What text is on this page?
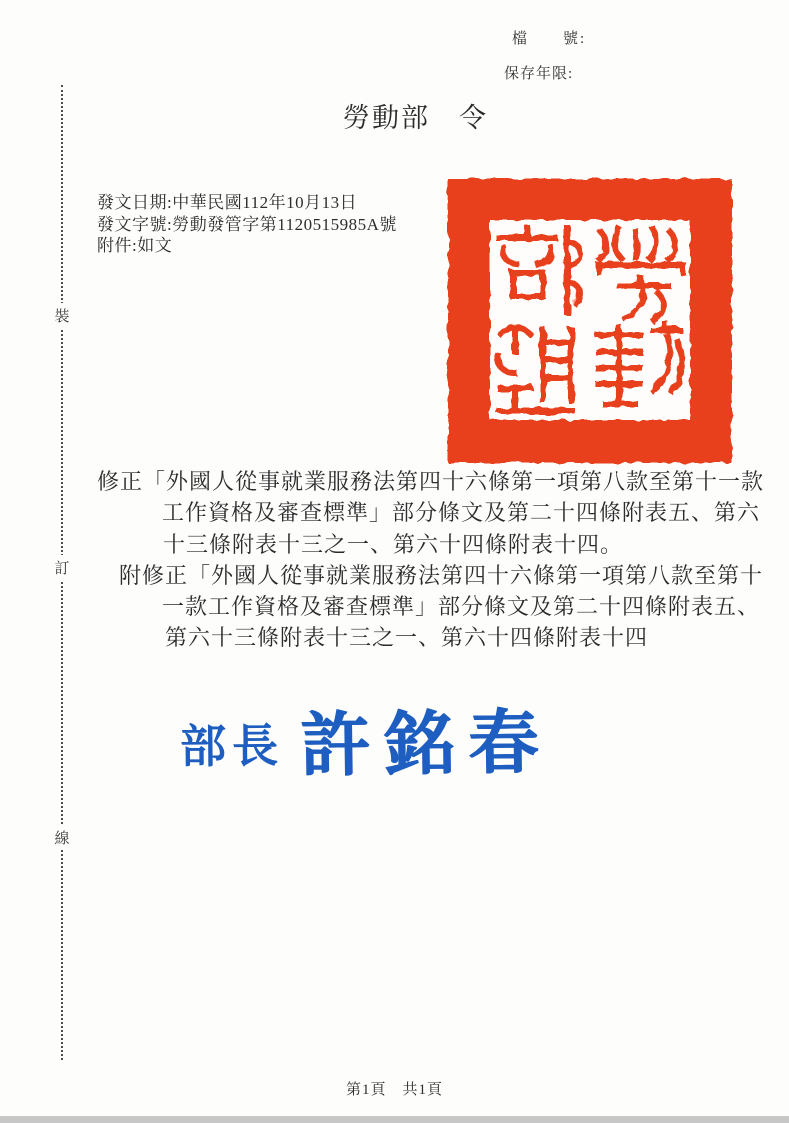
檔　　號:
保存年限:
勞動部　令
裝
訂
線
發文日期:中華民國112年10月13日
發文字號:勞動發管字第1120515985A號
附件:如文
修正「外國人從事就業服務法第四十六條第一項第八款至第十一款
工作資格及審查標準」部分條文及第二十四條附表五、第六
十三條附表十三之一、第六十四條附表十四。
附修正「外國人從事就業服務法第四十六條第一項第八款至第十
一款工作資格及審查標準」部分條文及第二十四條附表五、
第六十三條附表十三之一、第六十四條附表十四
部長 許銘春
第1頁　共1頁
